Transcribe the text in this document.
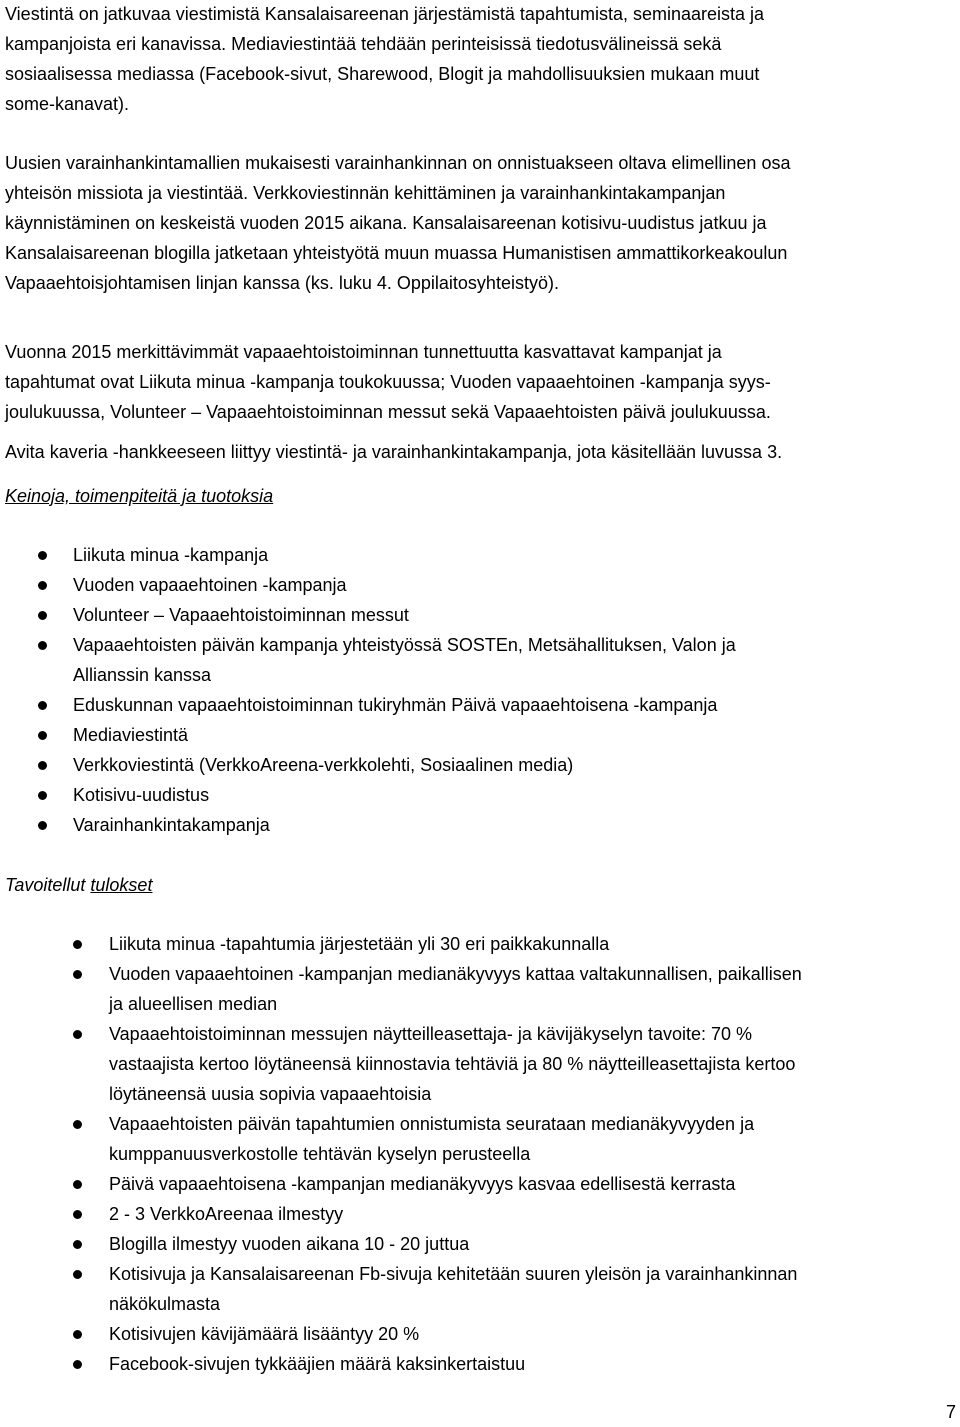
Viestintä on jatkuvaa viestimistä Kansalaisareenan järjestämistä tapahtumista, seminaareista ja
kampanjoista eri kanavissa. Mediaviestintää tehdään perinteisissä tiedotusvälineissä sekä
sosiaalisessa mediassa (Facebook-sivut, Sharewood, Blogit ja mahdollisuuksien mukaan muut
some-kanavat).

Uusien varainhankintamallien mukaisesti varainhankinnan on onnistuakseen oltava elimellinen osa
yhteisön missiota ja viestintää. Verkkoviestinnän kehittäminen ja varainhankintakampanjan
käynnistäminen on keskeistä vuoden 2015 aikana. Kansalaisareenan kotisivu-uudistus jatkuu ja
Kansalaisareenan blogilla jatketaan yhteistyötä muun muassa Humanistisen ammattikorkeakoulun
Vapaaehtoisjohtamisen linjan kanssa (ks. luku 4. Oppilaitosyhteistyö).

Vuonna 2015 merkittävimmät vapaaehtoistoiminnan tunnettuutta kasvattavat kampanjat ja
tapahtumat ovat Liikuta minua -kampanja toukokuussa; Vuoden vapaaehtoinen -kampanja syys-
joulukuussa, Volunteer – Vapaaehtoistoiminnan messut sekä Vapaaehtoisten päivä joulukuussa.

Avita kaveria -hankkeeseen liittyy viestintä- ja varainhankintakampanja, jota käsitellään luvussa 3.

Keinoja, toimenpiteitä ja tuotoksia
Liikuta minua -kampanja
Vuoden vapaaehtoinen -kampanja
Volunteer – Vapaaehtoistoiminnan messut
Vapaaehtoisten päivän kampanja yhteistyössä SOSTEn, Metsähallituksen, Valon ja
Allianssin kanssa
Eduskunnan vapaaehtoistoiminnan tukiryhmän Päivä vapaaehtoisena -kampanja
Mediaviestintä
Verkkoviestintä (VerkkoAreena-verkkolehti, Sosiaalinen media)
Kotisivu-uudistus
Varainhankintakampanja
Tavoitellut tulokset
Liikuta minua -tapahtumia järjestetään yli 30 eri paikkakunnalla
Vuoden vapaaehtoinen -kampanjan medianäkyvyys kattaa valtakunnallisen, paikallisen
ja alueellisen median
Vapaaehtoistoiminnan messujen näytteilleasettaja- ja kävijäkyselyn tavoite: 70 %
vastaajista kertoo löytäneensä kiinnostavia tehtäviä ja 80 % näytteilleasettajista kertoo
löytäneensä uusia sopivia vapaaehtoisia
Vapaaehtoisten päivän tapahtumien onnistumista seurataan medianäkyvyyden ja
kumppanuusverkostolle tehtävän kyselyn perusteella
Päivä vapaaehtoisena -kampanjan medianäkyvyys kasvaa edellisestä kerrasta
2 - 3 VerkkoAreenaa ilmestyy
Blogilla ilmestyy vuoden aikana 10 - 20 juttua
Kotisivuja ja Kansalaisareenan Fb-sivuja kehitetään suuren yleisön ja varainhankinnan
näkökulmasta
Kotisivujen kävijämäärä lisääntyy 20 %
Facebook-sivujen tykkääjien määrä kaksinkertaistuu
7
